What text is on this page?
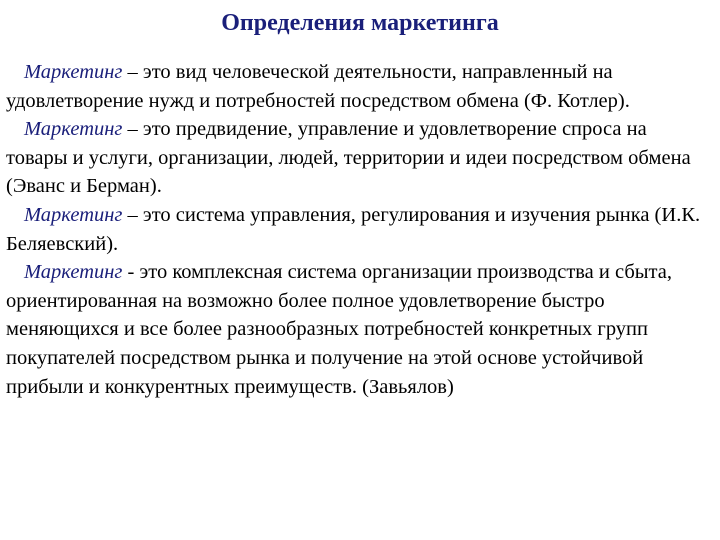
Определения маркетинга

Маркетинг – это вид человеческой деятельности, направленный на удовлетворение нужд и потребностей посредством обмена (Ф. Котлер).

Маркетинг – это предвидение, управление и удовлетворение спроса на товары и услуги, организации, людей, территории и идеи посредством обмена (Эванс и Берман).

Маркетинг – это система управления, регулирования и изучения рынка (И.К. Беляевский).

Маркетинг - это комплексная система организации производства и сбыта, ориентированная на возможно более полное удовлетворение быстро меняющихся и все более разнообразных потребностей конкретных групп покупателей посредством рынка и получение на этой основе устойчивой прибыли и конкурентных преимуществ. (Завьялов)
